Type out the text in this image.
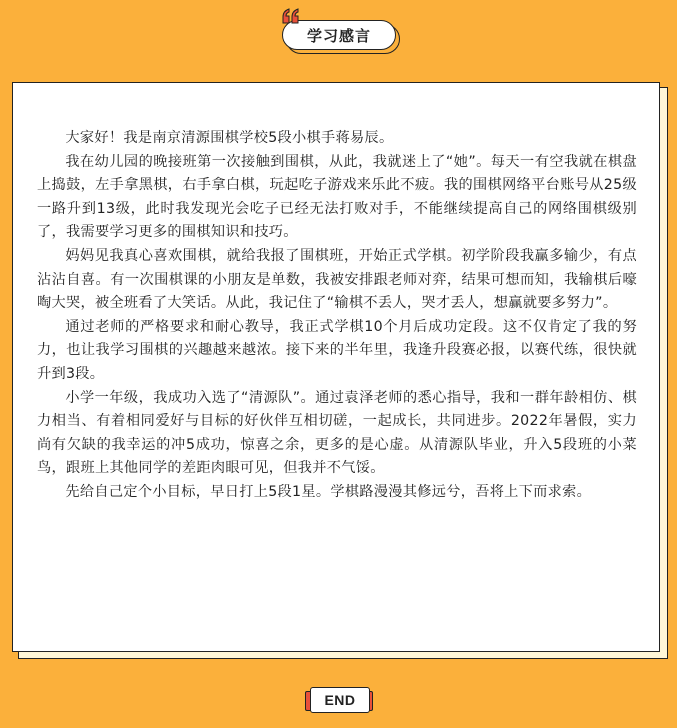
学习感言

大家好！我是南京清源围棋学校5段小棋手蒋易辰。

我在幼儿园的晚接班第一次接触到围棋，从此，我就迷上了“她”。每天一有空我就在棋盘上捣鼓，左手拿黑棋，右手拿白棋，玩起吃子游戏来乐此不疲。我的围棋网络平台账号从25级一路升到13级，此时我发现光会吃子已经无法打败对手，不能继续提高自己的网络围棋级别了，我需要学习更多的围棋知识和技巧。

妈妈见我真心喜欢围棋，就给我报了围棋班，开始正式学棋。初学阶段我赢多输少，有点沾沾自喜。有一次围棋课的小朋友是单数，我被安排跟老师对弈，结果可想而知，我输棋后嚎啕大哭，被全班看了大笑话。从此，我记住了“输棋不丢人，哭才丢人，想赢就要多努力”。

通过老师的严格要求和耐心教导，我正式学棋10个月后成功定段。这不仅肯定了我的努力，也让我学习围棋的兴趣越来越浓。接下来的半年里，我逢升段赛必报，以赛代练，很快就升到3段。

小学一年级，我成功入选了“清源队”。通过袁泽老师的悉心指导，我和一群年龄相仿、棋力相当、有着相同爱好与目标的好伙伴互相切磋，一起成长，共同进步。2022年暑假，实力尚有欠缺的我幸运的冲5成功，惊喜之余，更多的是心虚。从清源队毕业，升入5段班的小菜鸟，跟班上其他同学的差距肉眼可见，但我并不气馁。

先给自己定个小目标，早日打上5段1星。学棋路漫漫其修远兮，吾将上下而求索。

END
